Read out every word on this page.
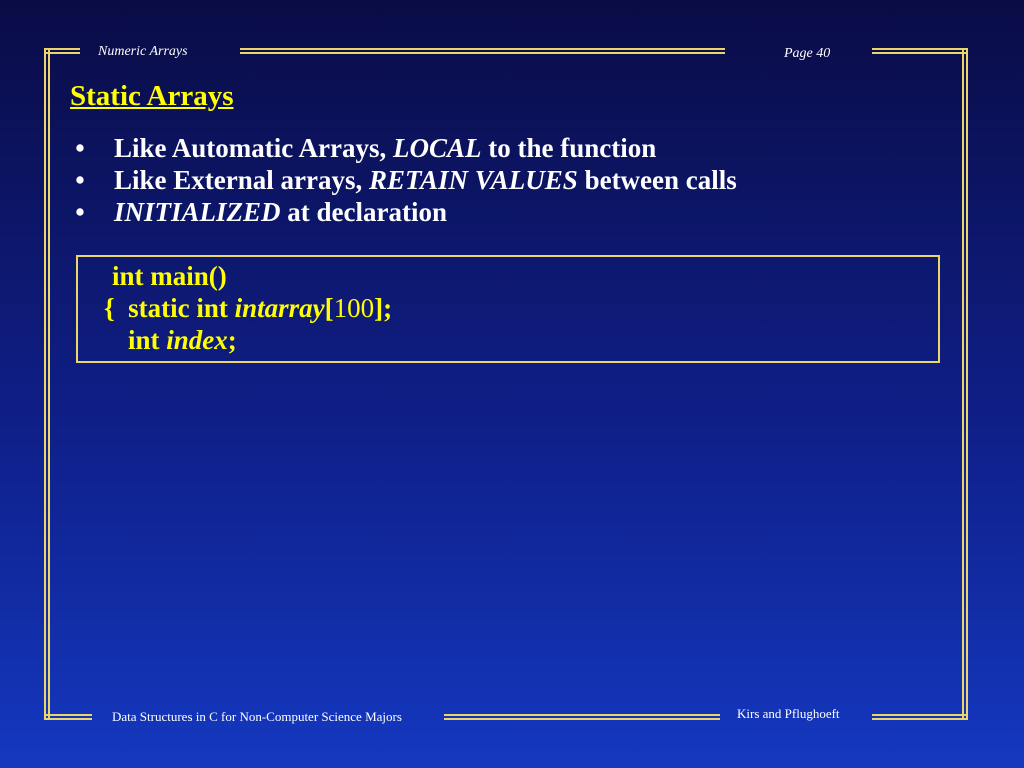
Numeric Arrays	Page 40
Static Arrays
• Like Automatic Arrays, LOCAL to the function
• Like External arrays, RETAIN VALUES between calls
• INITIALIZED at declaration
int main()
{  static int intarray[100];
int index;
Data Structures in C for Non-Computer Science Majors	Kirs and Pflughoeft
